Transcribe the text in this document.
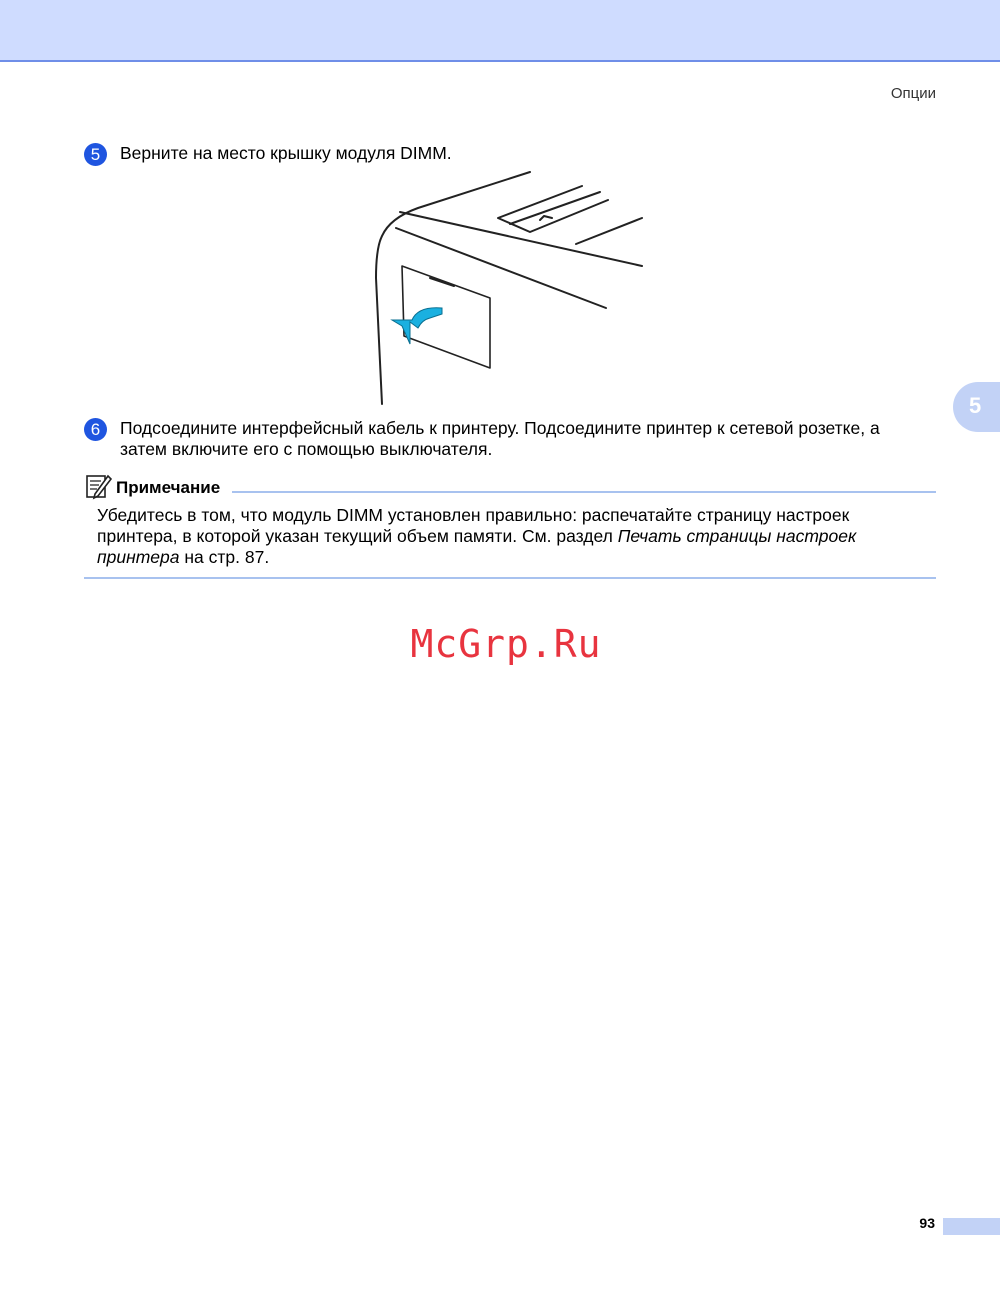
Опции
5	Верните на место крышку модуля DIMM.
5
6	Подсоедините интерфейсный кабель к принтеру. Подсоедините принтер к сетевой розетке, а затем включите его с помощью выключателя.
Примечание
Убедитесь в том, что модуль DIMM установлен правильно: распечатайте страницу настроек принтера, в которой указан текущий объем памяти. См. раздел Печать страницы настроек принтера на стр. 87.
McGrp.Ru
93
